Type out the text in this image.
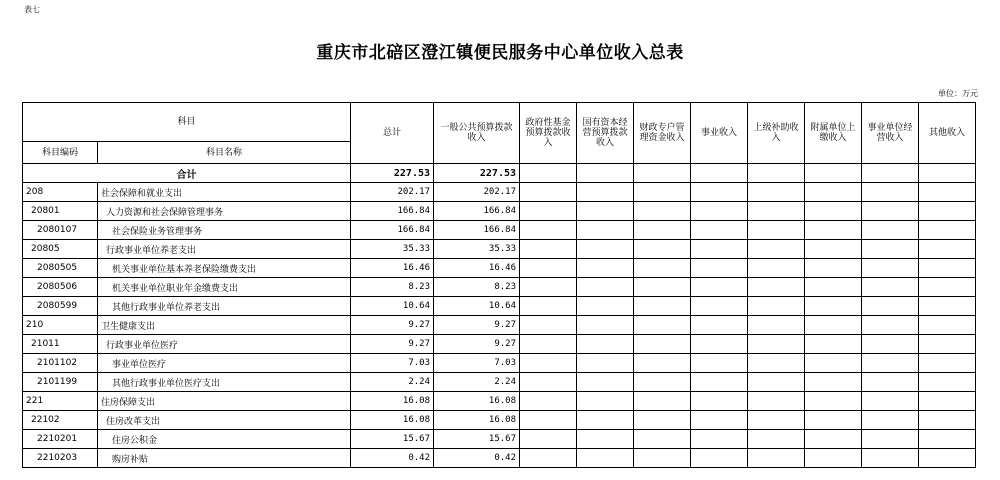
表七
重庆市北碚区澄江镇便民服务中心单位收入总表
单位：万元
科目		总计	一般公共预算拨款收入	政府性基金预算拨款收入	国有资本经营预算拨款收入	财政专户管理资金收入	事业收入	上级补助收入	附属单位上缴收入	事业单位经营收入	其他收入
科目编码	科目名称										
合计		227.53	227.53								
208	社会保障和就业支出	202.17	202.17								
20801	人力资源和社会保障管理事务	166.84	166.84								
2080107	社会保险业务管理事务	166.84	166.84								
20805	行政事业单位养老支出	35.33	35.33								
2080505	机关事业单位基本养老保险缴费支出	16.46	16.46								
2080506	机关事业单位职业年金缴费支出	8.23	8.23								
2080599	其他行政事业单位养老支出	10.64	10.64								
210	卫生健康支出	9.27	9.27								
21011	行政事业单位医疗	9.27	9.27								
2101102	事业单位医疗	7.03	7.03								
2101199	其他行政事业单位医疗支出	2.24	2.24								
221	住房保障支出	16.08	16.08								
22102	住房改革支出	16.08	16.08								
2210201	住房公积金	15.67	15.67								
2210203	购房补贴	0.42	0.42								
